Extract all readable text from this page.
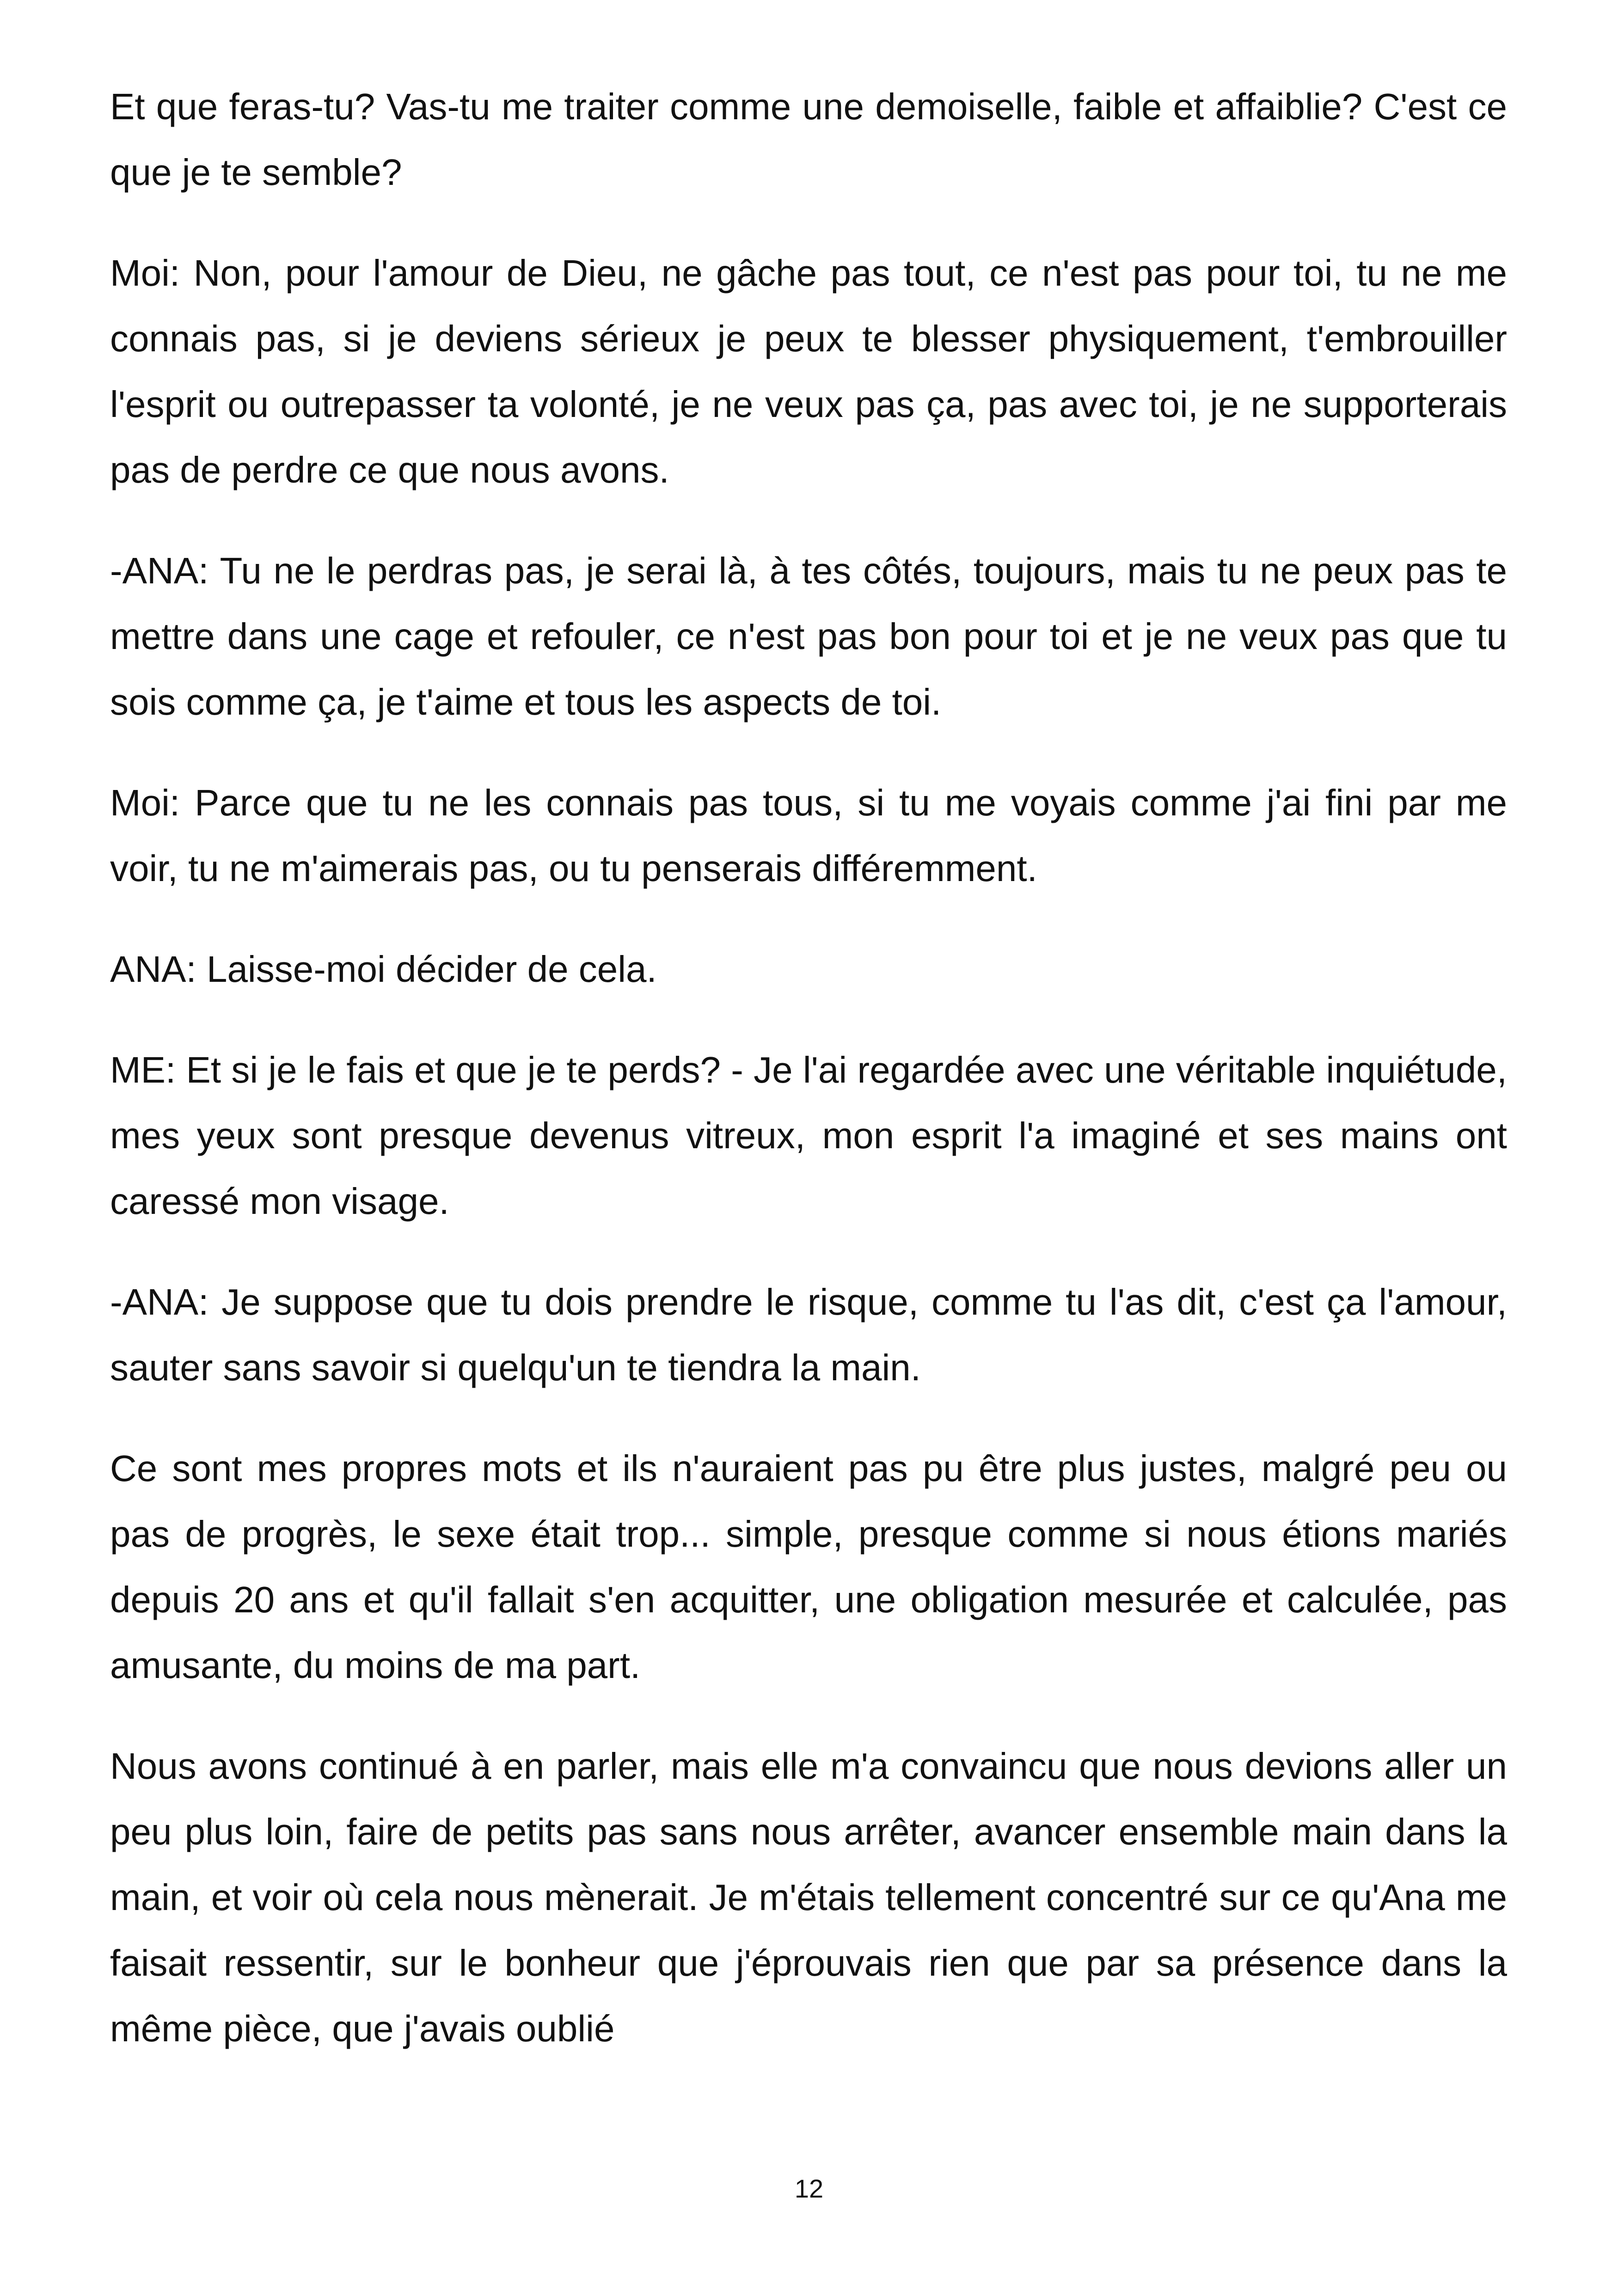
Et que feras-tu? Vas-tu me traiter comme une demoiselle, faible et affaiblie? C'est ce que je te semble?

Moi: Non, pour l'amour de Dieu, ne gâche pas tout, ce n'est pas pour toi, tu ne me connais pas, si je deviens sérieux je peux te blesser physiquement, t'embrouiller l'esprit ou outrepasser ta volonté, je ne veux pas ça, pas avec toi, je ne supporterais pas de perdre ce que nous avons.

-ANA: Tu ne le perdras pas, je serai là, à tes côtés, toujours, mais tu ne peux pas te mettre dans une cage et refouler, ce n'est pas bon pour toi et je ne veux pas que tu sois comme ça, je t'aime et tous les aspects de toi.

Moi: Parce que tu ne les connais pas tous, si tu me voyais comme j'ai fini par me voir, tu ne m'aimerais pas, ou tu penserais différemment.

ANA: Laisse-moi décider de cela.

ME: Et si je le fais et que je te perds? - Je l'ai regardée avec une véritable inquiétude, mes yeux sont presque devenus vitreux, mon esprit l'a imaginé et ses mains ont caressé mon visage.

-ANA: Je suppose que tu dois prendre le risque, comme tu l'as dit, c'est ça l'amour, sauter sans savoir si quelqu'un te tiendra la main.

Ce sont mes propres mots et ils n'auraient pas pu être plus justes, malgré peu ou pas de progrès, le sexe était trop... simple, presque comme si nous étions mariés depuis 20 ans et qu'il fallait s'en acquitter, une obligation mesurée et calculée, pas amusante, du moins de ma part.

Nous avons continué à en parler, mais elle m'a convaincu que nous devions aller un peu plus loin, faire de petits pas sans nous arrêter, avancer ensemble main dans la main, et voir où cela nous mènerait. Je m'étais tellement concentré sur ce qu'Ana me faisait ressentir, sur le bonheur que j'éprouvais rien que par sa présence dans la même pièce, que j'avais oublié

12
